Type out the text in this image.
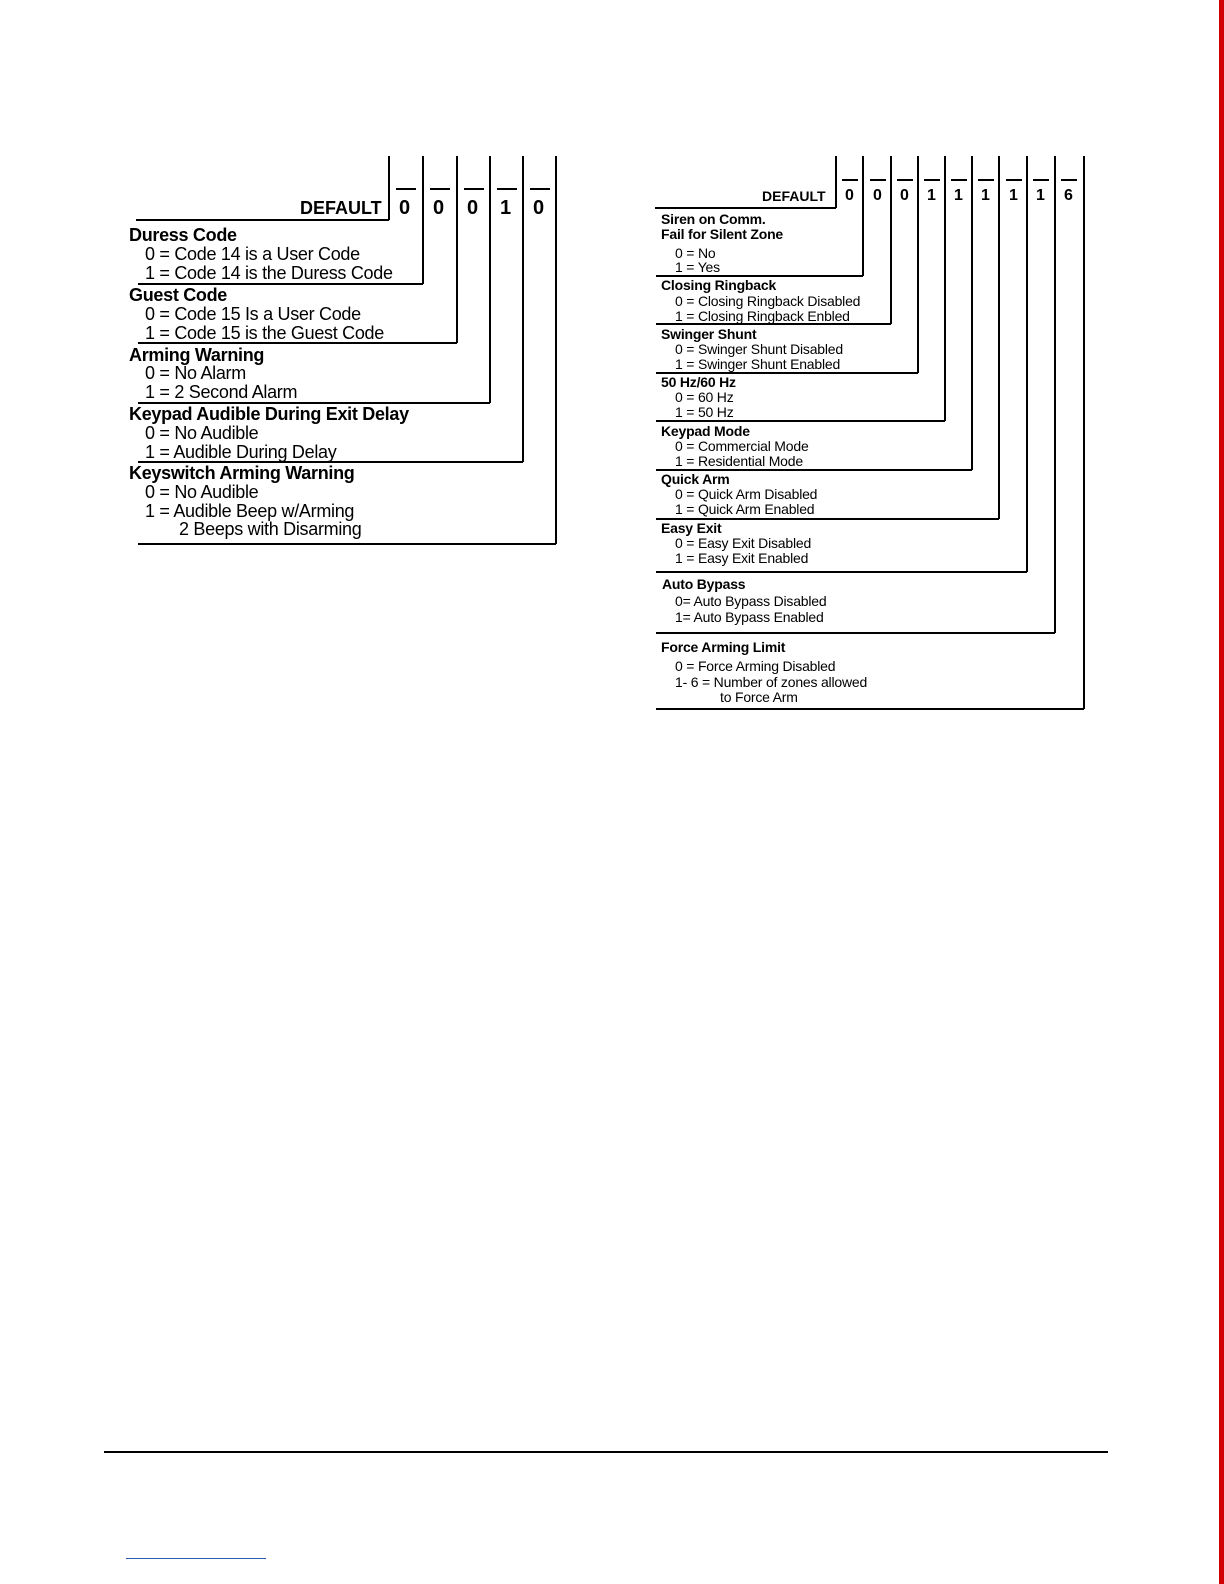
DEFAULT 0 0 0 1 0
Duress Code
0 = Code 14 is a User Code
1 = Code 14 is the Duress Code
Guest Code
0 = Code 15 Is a User Code
1 = Code 15 is the Guest Code
Arming Warning
0 = No Alarm
1 = 2 Second Alarm
Keypad Audible During Exit Delay
0 = No Audible
1 = Audible During Delay
Keyswitch Arming Warning
0 = No Audible
1 = Audible Beep w/Arming
2 Beeps with Disarming
DEFAULT 0 0 0 1 1 1 1 1 6
Siren on Comm.
Fail for Silent Zone
0 = No
1 = Yes
Closing Ringback
0 = Closing Ringback Disabled
1 = Closing Ringback Enbled
Swinger Shunt
0 = Swinger Shunt Disabled
1 = Swinger Shunt Enabled
50 Hz/60 Hz
0 = 60 Hz
1 = 50 Hz
Keypad Mode
0 = Commercial Mode
1 = Residential Mode
Quick Arm
0 = Quick Arm Disabled
1 = Quick Arm Enabled
Easy Exit
0 = Easy Exit Disabled
1 = Easy Exit Enabled
Auto Bypass
0= Auto Bypass Disabled
1= Auto Bypass Enabled
Force Arming Limit
0 = Force Arming Disabled
1- 6 = Number of zones allowed
to Force Arm
